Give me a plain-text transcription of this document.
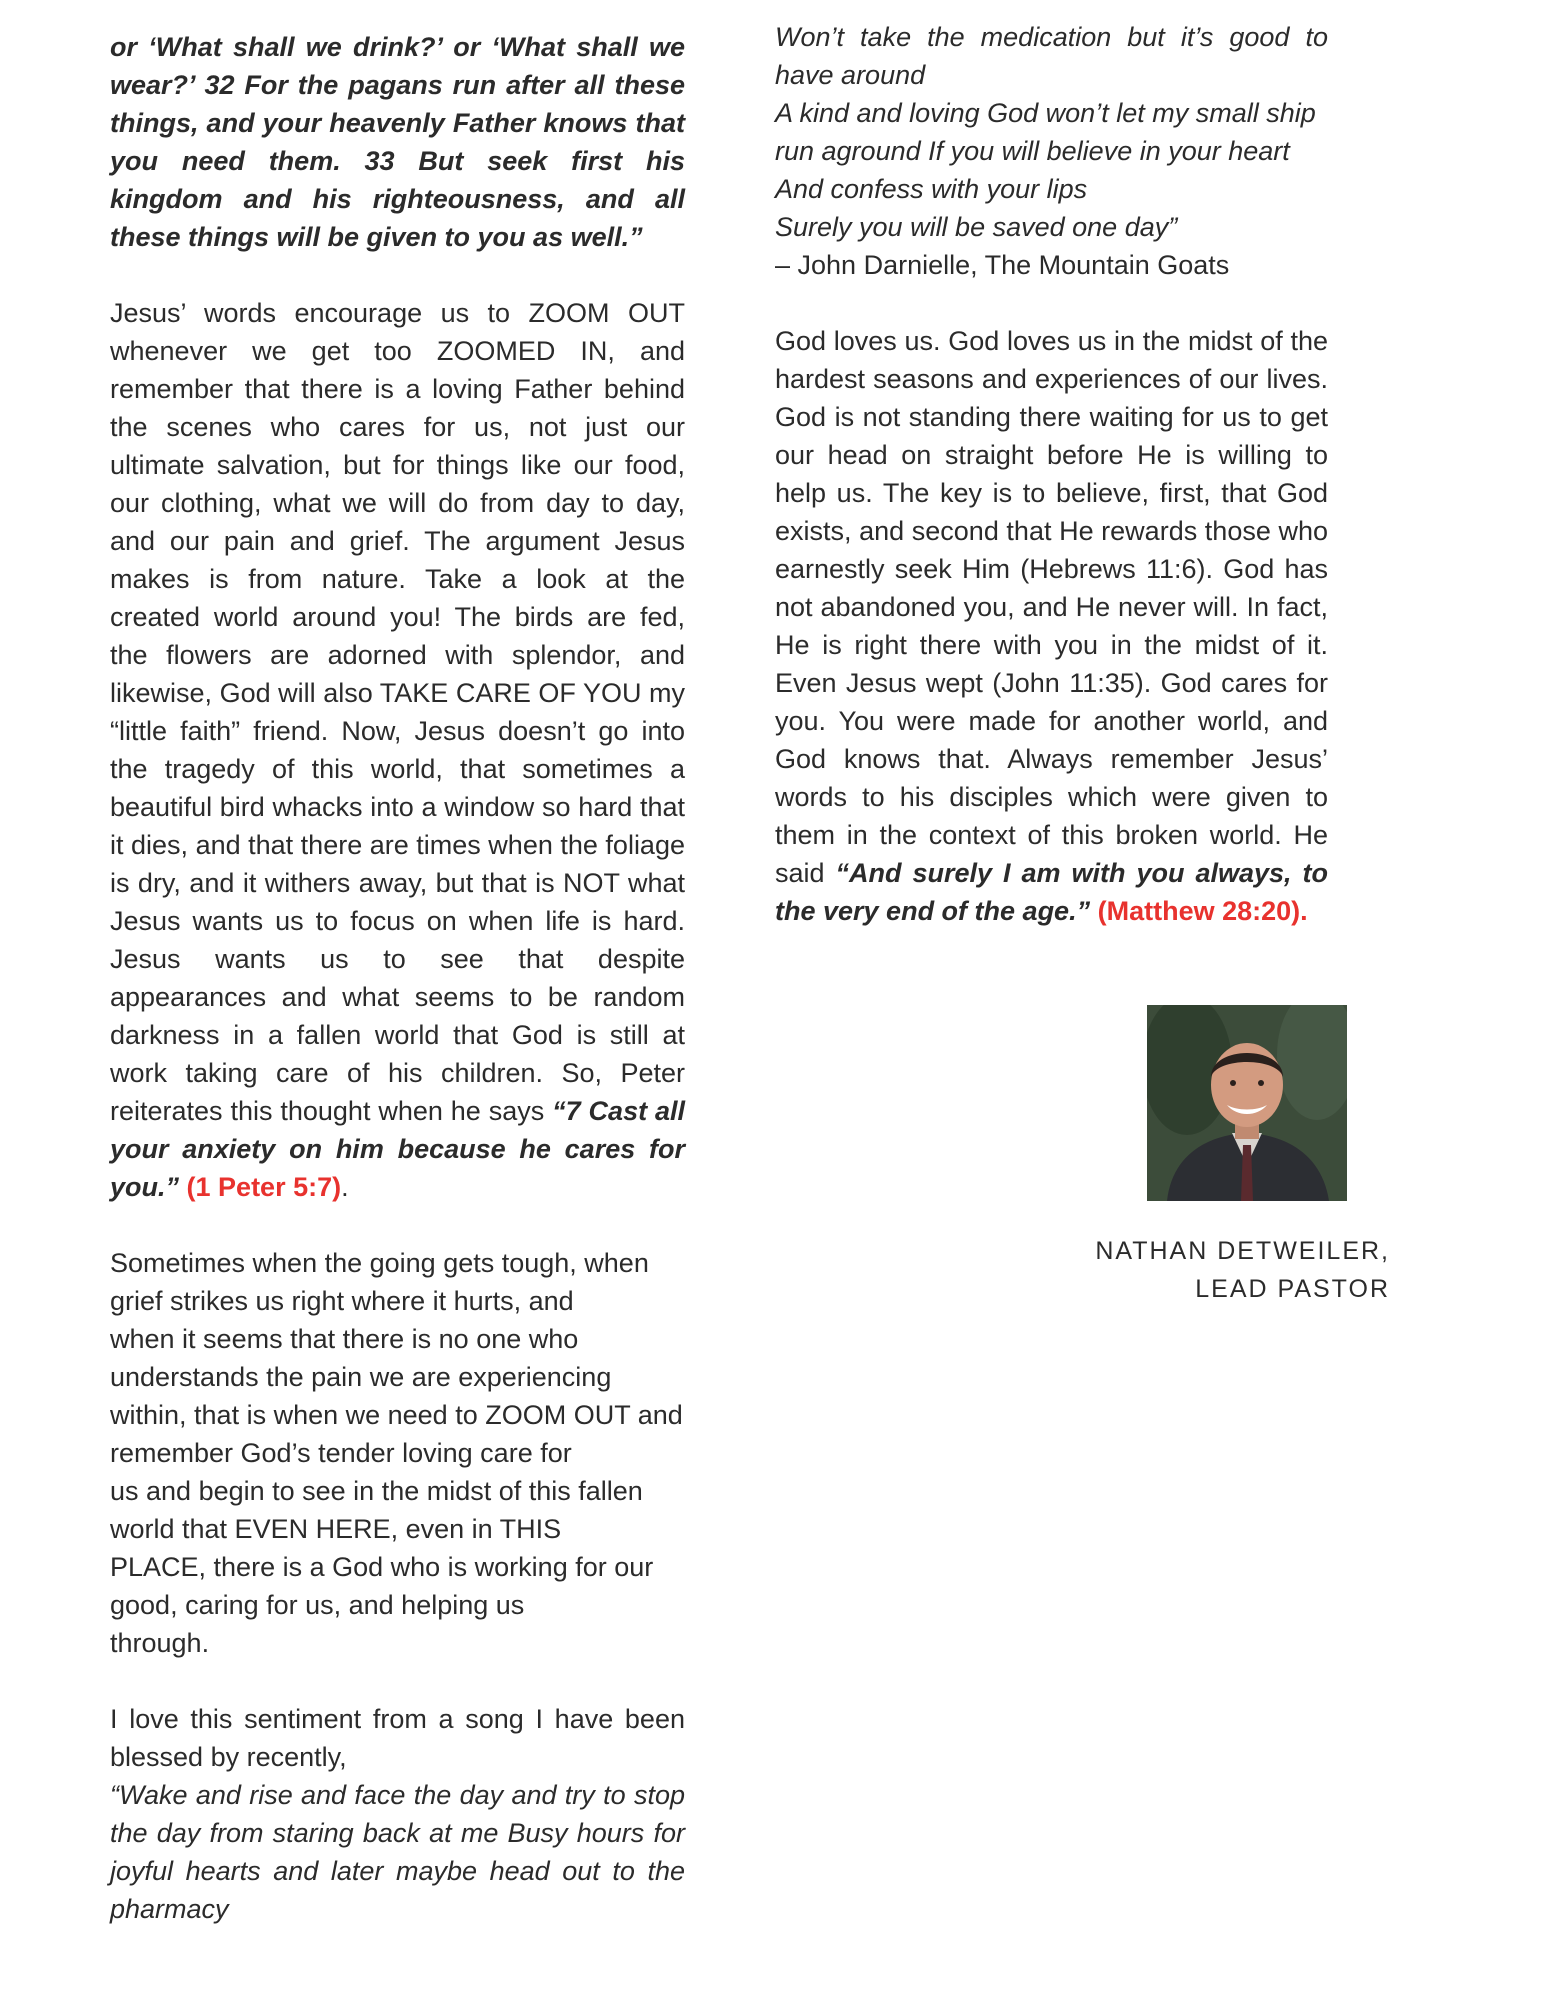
or ‘What shall we drink?’ or ‘What shall we wear?’ 32 For the pagans run after all these things, and your heavenly Father knows that you need them. 33 But seek first his kingdom and his righteousness, and all these things will be given to you as well.”

Jesus’ words encourage us to ZOOM OUT whenever we get too ZOOMED IN, and remember that there is a loving Father behind the scenes who cares for us, not just our ultimate salvation, but for things like our food, our clothing, what we will do from day to day, and our pain and grief. The argument Jesus makes is from nature. Take a look at the created world around you! The birds are fed, the flowers are adorned with splendor, and likewise, God will also TAKE CARE OF YOU my “little faith” friend. Now, Jesus doesn’t go into the tragedy of this world, that sometimes a beautiful bird whacks into a window so hard that it dies, and that there are times when the foliage is dry, and it withers away, but that is NOT what Jesus wants us to focus on when life is hard. Jesus wants us to see that despite appearances and what seems to be random darkness in a fallen world that God is still at work taking care of his children. So, Peter reiterates this thought when he says “7 Cast all your anxiety on him because he cares for you.” (1 Peter 5:7).

Sometimes when the going gets tough, when

grief strikes us right where it hurts, and

when it seems that there is no one who

understands the pain we are experiencing

within, that is when we need to ZOOM OUT and

remember God’s tender loving care for

us and begin to see in the midst of this fallen

world that EVEN HERE, even in THIS

PLACE, there is a God who is working for our

good, caring for us, and helping us

through.

I love this sentiment from a song I have been blessed by recently,

“Wake and rise and face the day and try to stop the day from staring back at me Busy hours for joyful hearts and later maybe head out to the pharmacy

Won’t take the medication but it’s good to have around

A kind and loving God won’t let my small ship run aground If you will believe in your heart

And confess with your lips

Surely you will be saved one day”

– John Darnielle, The Mountain Goats

God loves us. God loves us in the midst of the hardest seasons and experiences of our lives. God is not standing there waiting for us to get our head on straight before He is willing to help us. The key is to believe, first, that God exists, and second that He rewards those who earnestly seek Him (Hebrews 11:6). God has not abandoned you, and He never will. In fact, He is right there with you in the midst of it. Even Jesus wept (John 11:35). God cares for you. You were made for another world, and God knows that. Always remember Jesus’ words to his disciples which were given to them in the context of this broken world. He said “And surely I am with you always, to the very end of the age.” (Matthew 28:20).

NATHAN DETWEILER,

LEAD PASTOR
